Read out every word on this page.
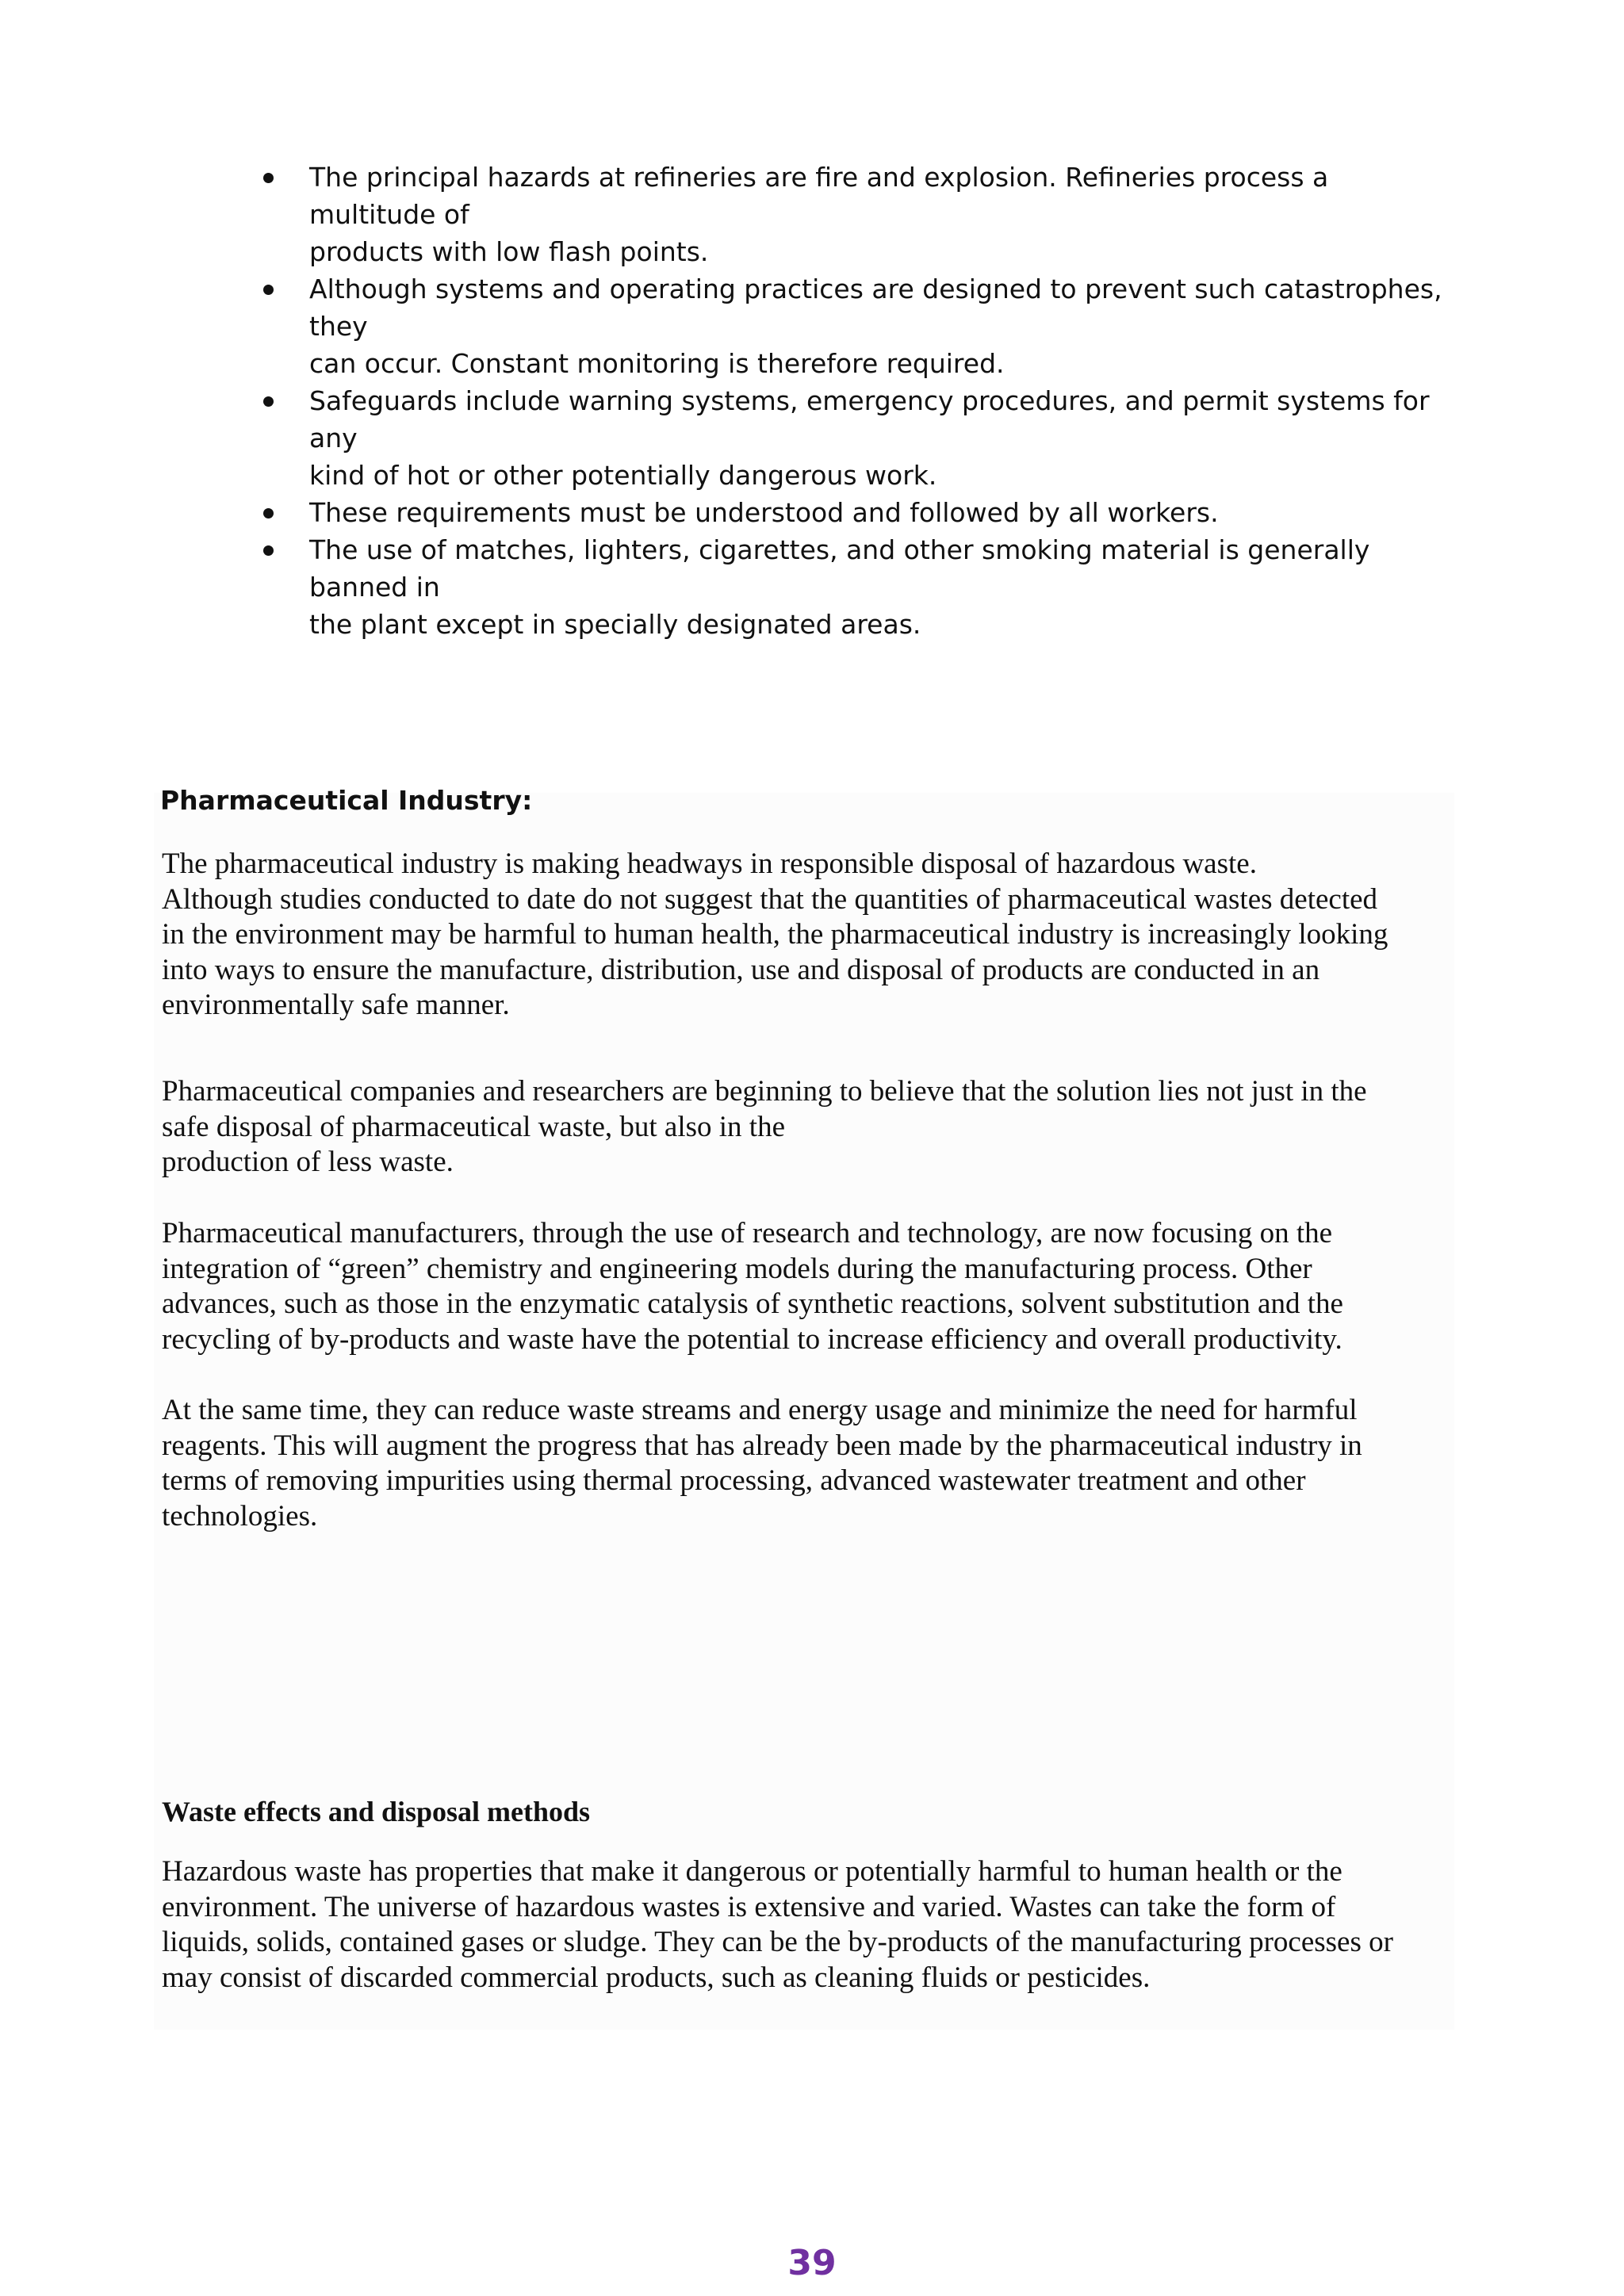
The principal hazards at refineries are fire and explosion. Refineries process a multitude of
products with low flash points.
Although systems and operating practices are designed to prevent such catastrophes, they
can occur. Constant monitoring is therefore required.
Safeguards include warning systems, emergency procedures, and permit systems for any
kind of hot or other potentially dangerous work.
These requirements must be understood and followed by all workers.
The use of matches, lighters, cigarettes, and other smoking material is generally banned in
the plant except in specially designated areas.
Pharmaceutical Industry:

The pharmaceutical industry is making headways in responsible disposal of hazardous waste.
Although studies conducted to date do not suggest that the quantities of pharmaceutical wastes detected
in the environment may be harmful to human health, the pharmaceutical industry is increasingly looking
into ways to ensure the manufacture, distribution, use and disposal of products are conducted in an
environmentally safe manner.

Pharmaceutical companies and researchers are beginning to believe that the solution lies not just in the
safe disposal of pharmaceutical waste, but also in the
production of less waste.

Pharmaceutical manufacturers, through the use of research and technology, are now focusing on the
integration of “green” chemistry and engineering models during the manufacturing process. Other
advances, such as those in the enzymatic catalysis of synthetic reactions, solvent substitution and the
recycling of by-products and waste have the potential to increase efficiency and overall productivity.

At the same time, they can reduce waste streams and energy usage and minimize the need for harmful
reagents. This will augment the progress that has already been made by the pharmaceutical industry in
terms of removing impurities using thermal processing, advanced wastewater treatment and other
technologies.

Waste effects and disposal methods

Hazardous waste has properties that make it dangerous or potentially harmful to human health or the
environment. The universe of hazardous wastes is extensive and varied. Wastes can take the form of
liquids, solids, contained gases or sludge. They can be the by-products of the manufacturing processes or
may consist of discarded commercial products, such as cleaning fluids or pesticides.

39
